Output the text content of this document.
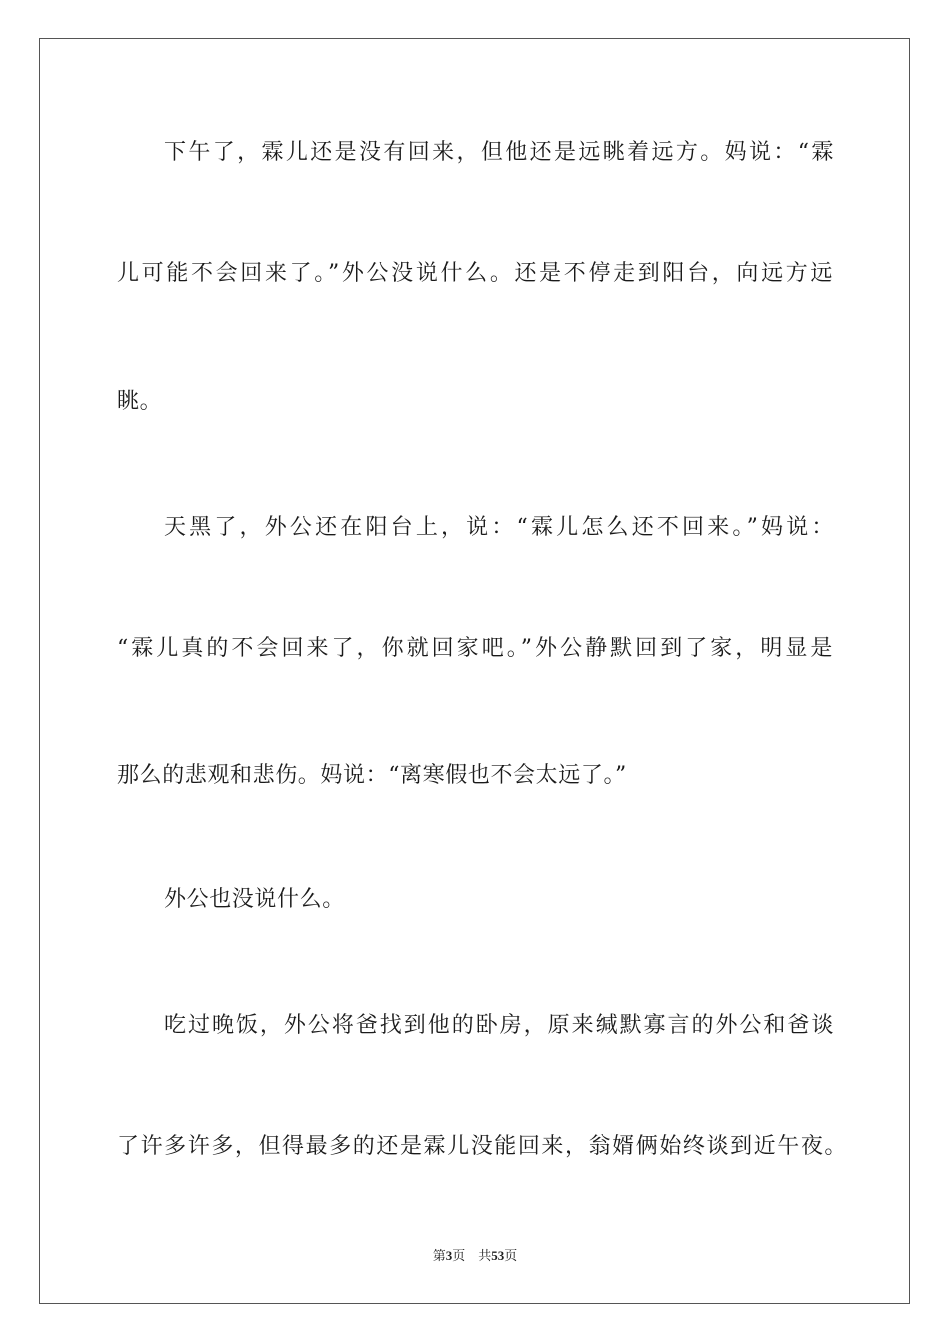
下午了，霖儿还是没有回来，但他还是远眺着远方。妈说：“霖
儿可能不会回来了。”外公没说什么。还是不停走到阳台，向远方远
眺。
天黑了，外公还在阳台上，说：“霖儿怎么还不回来。”妈说：
“霖儿真的不会回来了，你就回家吧。”外公静默回到了家，明显是
那么的悲观和悲伤。妈说：“离寒假也不会太远了。”
外公也没说什么。
吃过晚饭，外公将爸找到他的卧房，原来缄默寡言的外公和爸谈
了许多许多，但得最多的还是霖儿没能回来，翁婿俩始终谈到近午夜。
第3页 共53页
